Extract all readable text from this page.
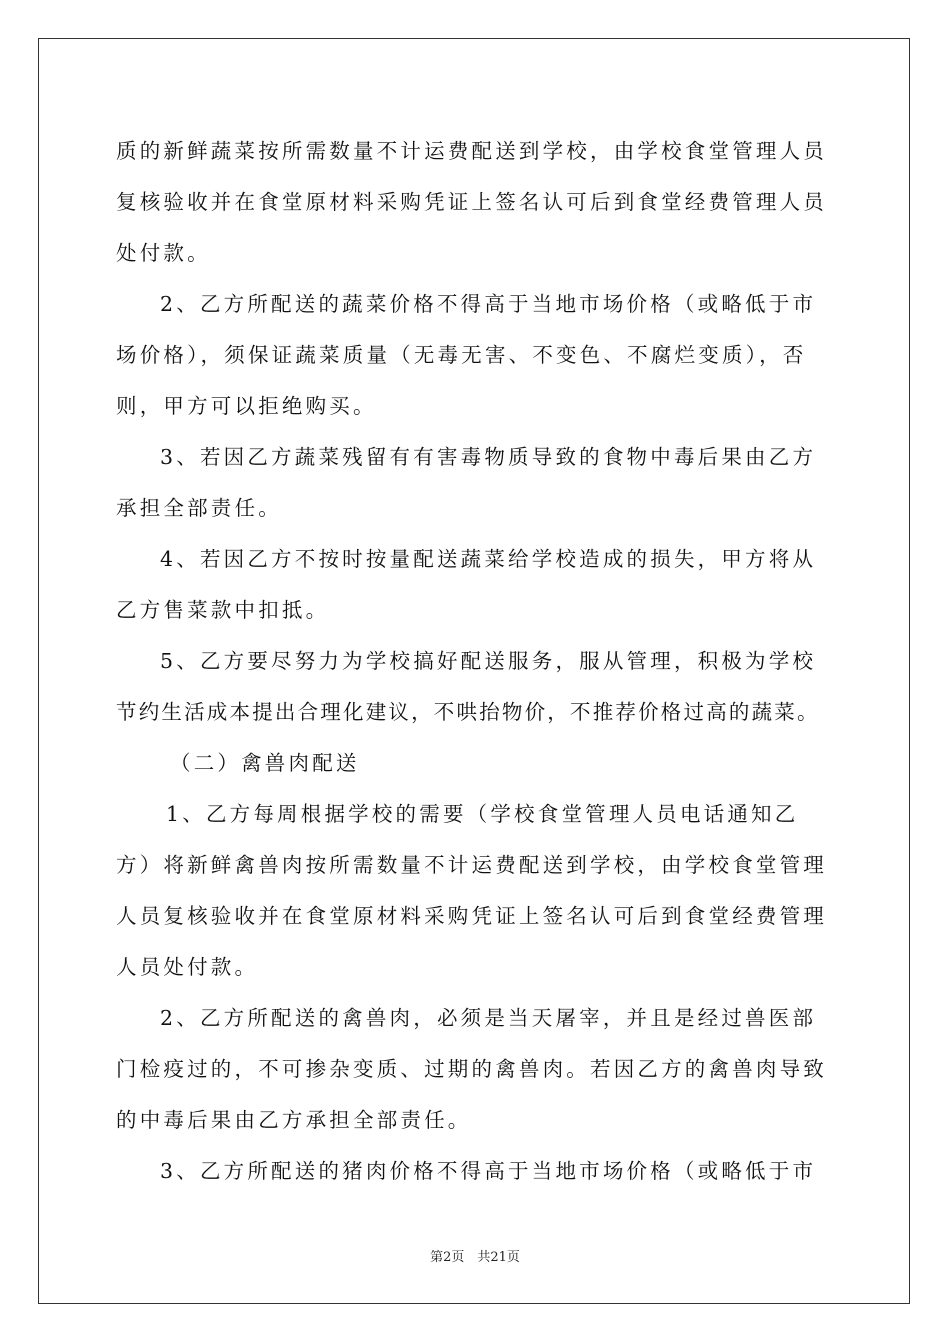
质的新鲜蔬菜按所需数量不计运费配送到学校，由学校食堂管理人员
复核验收并在食堂原材料采购凭证上签名认可后到食堂经费管理人员
处付款。
2、乙方所配送的蔬菜价格不得高于当地市场价格（或略低于市
场价格），须保证蔬菜质量（无毒无害、不变色、不腐烂变质），否
则，甲方可以拒绝购买。
3、若因乙方蔬菜残留有有害毒物质导致的食物中毒后果由乙方
承担全部责任。
4、若因乙方不按时按量配送蔬菜给学校造成的损失，甲方将从
乙方售菜款中扣抵。
5、乙方要尽努力为学校搞好配送服务，服从管理，积极为学校
节约生活成本提出合理化建议，不哄抬物价，不推荐价格过高的蔬菜。
（二）禽兽肉配送
1、乙方每周根据学校的需要（学校食堂管理人员电话通知乙
方）将新鲜禽兽肉按所需数量不计运费配送到学校，由学校食堂管理
人员复核验收并在食堂原材料采购凭证上签名认可后到食堂经费管理
人员处付款。
2、乙方所配送的禽兽肉，必须是当天屠宰，并且是经过兽医部
门检疫过的，不可掺杂变质、过期的禽兽肉。若因乙方的禽兽肉导致
的中毒后果由乙方承担全部责任。
3、乙方所配送的猪肉价格不得高于当地市场价格（或略低于市
第2页　共21页
